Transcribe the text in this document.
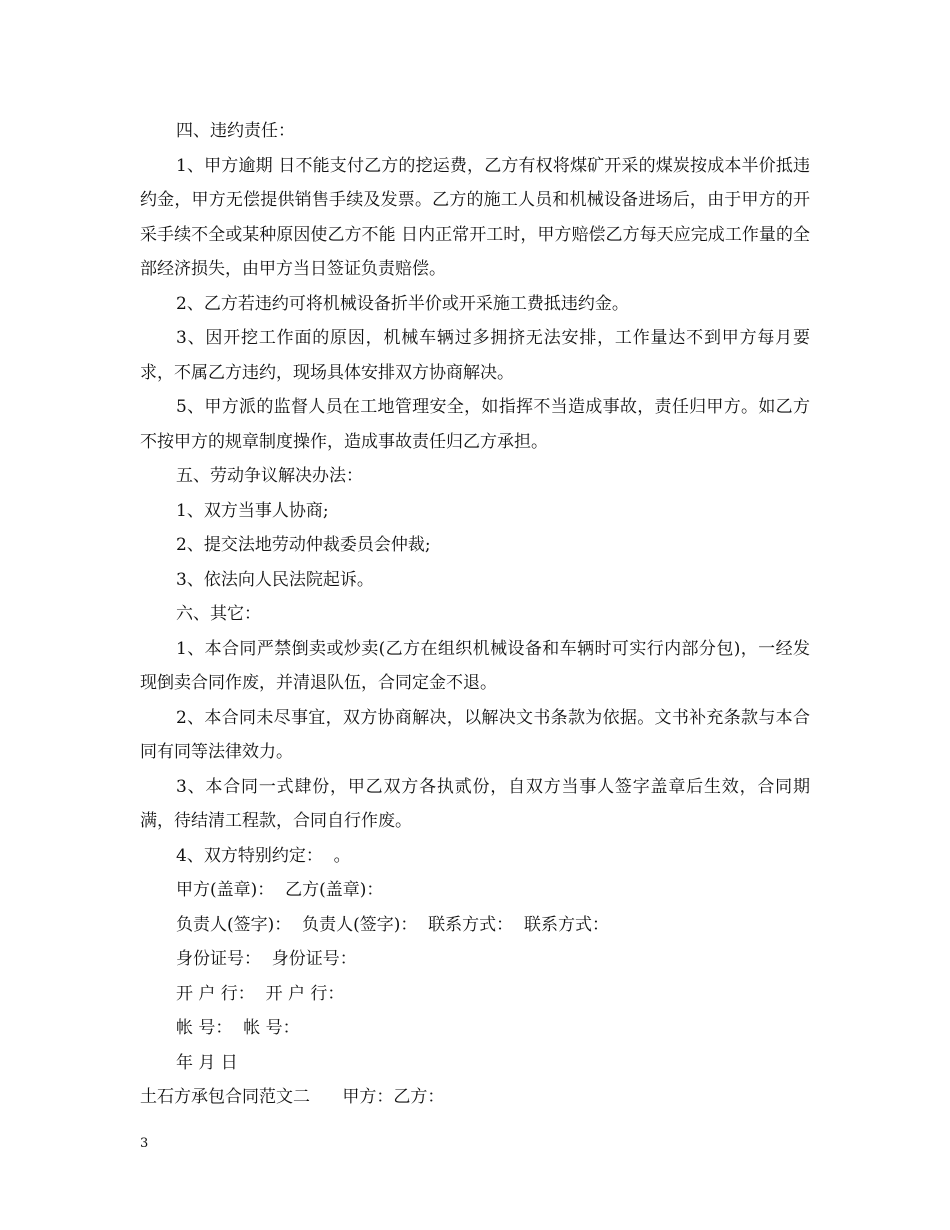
四、违约责任：

1、甲方逾期 日不能支付乙方的挖运费，乙方有权将煤矿开采的煤炭按成本半价抵违约金，甲方无偿提供销售手续及发票。乙方的施工人员和机械设备进场后，由于甲方的开采手续不全或某种原因使乙方不能 日内正常开工时，甲方赔偿乙方每天应完成工作量的全部经济损失，由甲方当日签证负责赔偿。

2、乙方若违约可将机械设备折半价或开采施工费抵违约金。

3、因开挖工作面的原因，机械车辆过多拥挤无法安排，工作量达不到甲方每月要求，不属乙方违约，现场具体安排双方协商解决。

5、甲方派的监督人员在工地管理安全，如指挥不当造成事故，责任归甲方。如乙方不按甲方的规章制度操作，造成事故责任归乙方承担。

五、劳动争议解决办法：

1、双方当事人协商;

2、提交法地劳动仲裁委员会仲裁;

3、依法向人民法院起诉。

六、其它：

1、本合同严禁倒卖或炒卖(乙方在组织机械设备和车辆时可实行内部分包)，一经发现倒卖合同作废，并清退队伍，合同定金不退。

2、本合同未尽事宜，双方协商解决，以解决文书条款为依据。文书补充条款与本合同有同等法律效力。

3、本合同一式肆份，甲乙双方各执贰份，自双方当事人签字盖章后生效，合同期满，待结清工程款，合同自行作废。

4、双方特别约定：  。

甲方(盖章)：  乙方(盖章)：

负责人(签字)：  负责人(签字)：  联系方式：  联系方式：

身份证号：  身份证号：

开 户 行：  开 户 行：

帐 号：  帐 号：

年 月 日

土石方承包合同范文二      甲方：乙方：

3
